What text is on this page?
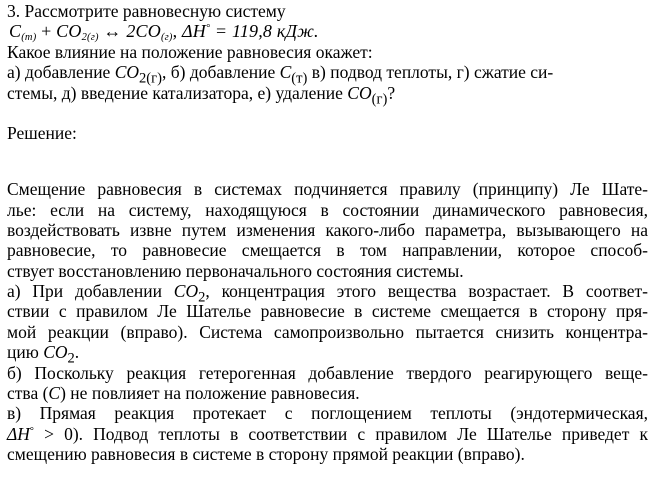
3. Рассмотрите равновесную систему
$C_{(т)} + CO_{2(г)}$ ↔ $2CO_{(г)}$, ΔH° = 119,8 кДж.
Какое влияние на положение равновесия окажет:
а) добавление $CO_{2(г)}$, б) добавление $C_{(т)}$ в) подвод теплоты, г) сжатие си-
стемы, д) введение катализатора, е) удаление $CO_{(г)}$?
Решение:
Смещение равновесия в системах подчиняется правилу (принципу) Ле Шате-
лье: если на систему, находящуюся в состоянии динамического равновесия,
воздействовать извне путем изменения какого-либо параметра, вызывающего на
равновесие, то равновесие смещается в том направлении, которое способ-
ствует восстановлению первоначального состояния системы.
а) При добавлении $CO_2$, концентрация этого вещества возрастает. В соответ-
ствии с правилом Ле Шателье равновесие в системе смещается в сторону пря-
мой реакции (вправо). Система самопроизвольно пытается снизить концентра-
цию $CO_2$.
б) Поскольку реакция гетерогенная добавление твердого реагирующего веще-
ства (C) не повлияет на положение равновесия.
в) Прямая реакция протекает с поглощением теплоты (эндотермическая,
ΔH° > 0). Подвод теплоты в соответствии с правилом Ле Шателье приведет к
смещению равновесия в системе в сторону прямой реакции (вправо).
